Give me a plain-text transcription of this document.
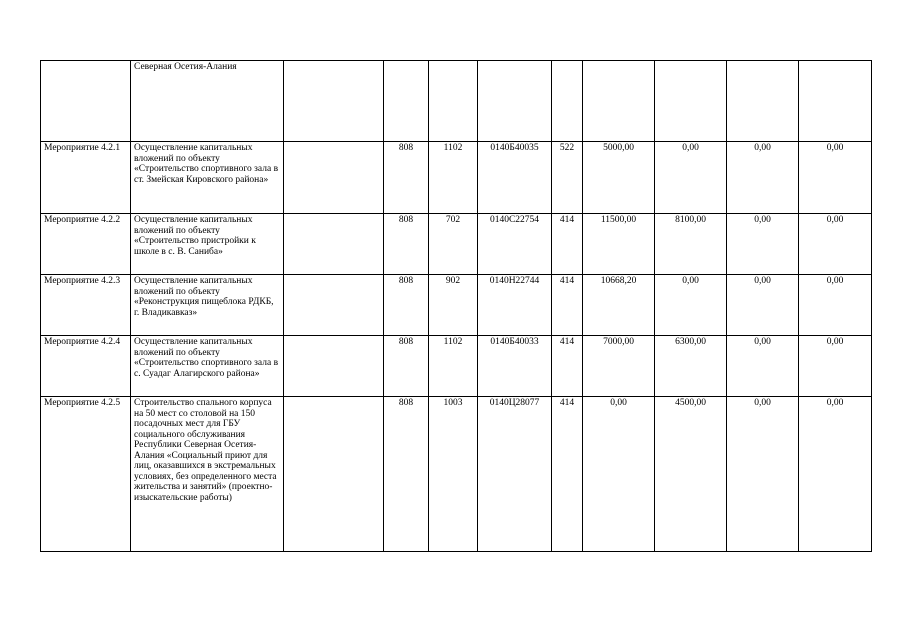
	Северная Осетия-Алания									
Мероприятие 4.2.1	Осуществление капитальных вложений по объекту «Строительство спортивного зала в ст. Змейская Кировского района»		808	1102	0140Б40035	522	5000,00	0,00	0,00	0,00
Мероприятие 4.2.2	Осуществление капитальных вложений по объекту «Строительство пристройки к школе в с. В. Саниба»		808	702	0140С22754	414	11500,00	8100,00	0,00	0,00
Мероприятие 4.2.3	Осуществление капитальных вложений по объекту «Реконструкция пищеблока РДКБ, г. Владикавказ»		808	902	0140Н22744	414	10668,20	0,00	0,00	0,00
Мероприятие 4.2.4	Осуществление капитальных вложений по объекту «Строительство спортивного зала в с. Суадаг Алагирского района»		808	1102	0140Б40033	414	7000,00	6300,00	0,00	0,00
Мероприятие 4.2.5	Строительство спального корпуса на 50 мест со столовой на 150 посадочных мест для ГБУ социального обслуживания Республики Северная Осетия-Алания «Социальный приют для лиц, оказавшихся в экстремальных условиях, без определенного места жительства и занятий» (проектно-изыскательские работы)		808	1003	0140Ц28077	414	0,00	4500,00	0,00	0,00
